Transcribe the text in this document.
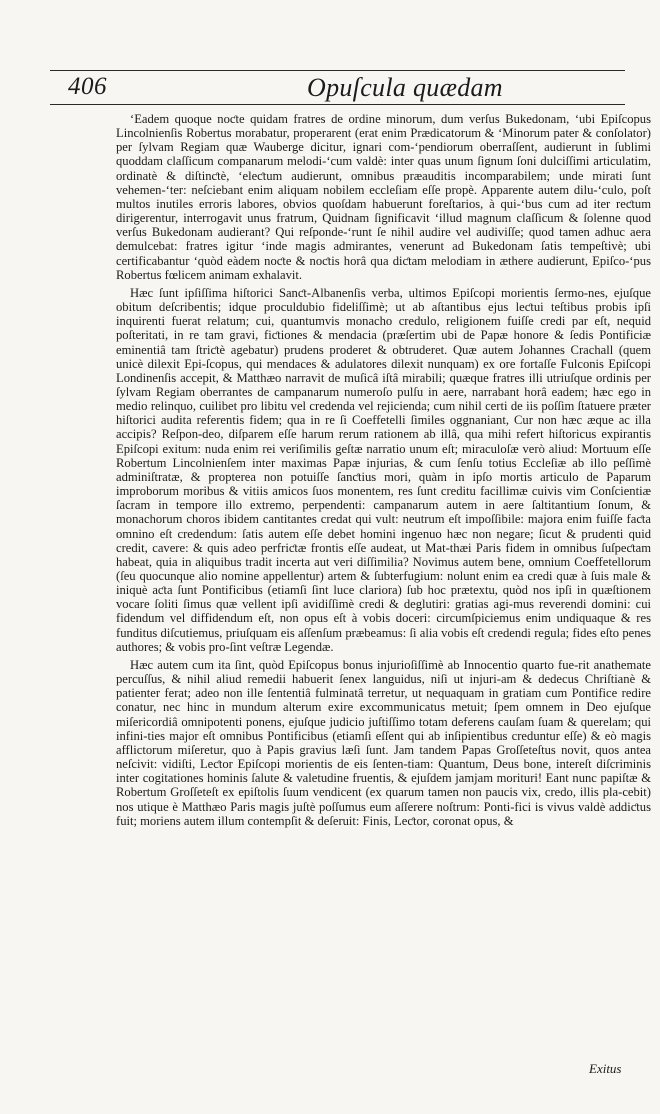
406	Opuſcula quædam

‘Eadem quoque noƈte quidam fratres de ordine minorum, dum verſus Bukedonam, ‘ubi Epiſcopus Lincolnienſis Robertus morabatur, properarent (erat enim Prædicatorum & ‘Minorum pater & conſolator) per ſylvam Regiam quæ Wauberge dicitur, ignari com-‘pendiorum oberraſſent, audierunt in ſublimi quoddam claſſicum companarum melodi-‘cum valdè: inter quas unum ſignum ſoni dulciſſimi articulatim, ordinatè & diſtinƈtè, ‘eleƈtum audierunt, omnibus præauditis incomparabilem; unde mirati ſunt vehemen-‘ter: neſciebant enim aliquam nobilem eccleſiam eſſe propè. Apparente autem dilu-‘culo, poſt multos inutiles erroris labores, obvios quoſdam habuerunt foreſtarios, à qui-‘bus cum ad iter reƈtum dirigerentur, interrogavit unus fratrum, Quidnam ſignificavit ‘illud magnum claſſicum & ſolenne quod verſus Bukedonam audierant? Qui reſponde-‘runt ſe nihil audire vel audiviſſe; quod tamen adhuc aera demulcebat: fratres igitur ‘inde magis admirantes, venerunt ad Bukedonam ſatis tempeſtivè; ubi certificabantur ‘quòd eàdem noƈte & noƈtis horâ qua diƈtam melodiam in æthere audierunt, Epiſco-‘pus Robertus fœlicem animam exhalavit.

Hæc ſunt ipſiſſima hiſtorici Sanƈt-Albanenſis verba, ultimos Epiſcopi morientis ſermo-nes, ejuſque obitum deſcribentis; idque proculdubio fideliſſimè; ut ab aſtantibus ejus leƈtui teſtibus probis ipſi inquirenti fuerat relatum; cui, quantumvis monacho credulo, religionem fuiſſe credi par eſt, nequid poſteritati, in re tam gravi, fiƈtiones & mendacia (præſertim ubi de Papæ honore & ſedis Pontificiæ eminentiâ tam ſtriƈtè agebatur) prudens proderet & obtruderet. Quæ autem Johannes Crachall (quem unicè dilexit Epi-ſcopus, qui mendaces & adulatores dilexit nunquam) ex ore fortaſſe Fulconis Epiſcopi Londinenſis accepit, & Matthæo narravit de muſicâ iſtâ mirabili; quæque fratres illi utriuſque ordinis per ſylvam Regiam oberrantes de campanarum numeroſo pulſu in aere, narrabant horâ eadem; hæc ego in medio relinquo, cuilibet pro libitu vel credenda vel rejicienda; cum nihil certi de iis poſſim ſtatuere præter hiſtorici audita referentis fidem; qua in re ſi Coeffetelli ſimiles oggnaniant, Cur non hæc æque ac illa accipis? Reſpon-deo, diſparem eſſe harum rerum rationem ab illâ, qua mihi refert hiſtoricus expirantis Epiſcopi exitum: nuda enim rei veriſimilis geſtæ narratio unum eſt; miraculoſæ verò aliud: Mortuum eſſe Robertum Lincolnienſem inter maximas Papæ injurias, & cum ſenſu totius Eccleſiæ ab illo peſſimè adminiſtratæ, & propterea non potuiſſe ſanƈtius mori, quàm in ipſo mortis articulo de Paparum improborum moribus & vitiis amicos ſuos monentem, res ſunt creditu facillimæ cuivis vim Conſcientiæ ſacram in tempore illo extremo, perpendenti: campanarum autem in aere ſaltitantium ſonum, & monachorum choros ibidem cantitantes credat qui vult: neutrum eſt impoſſibile: majora enim fuiſſe faƈta omnino eſt credendum: ſatis autem eſſe debet homini ingenuo hæc non negare; ſicut & prudenti quid credit, cavere: & quis adeo perfriƈtæ frontis eſſe audeat, ut Mat-thæi Paris fidem in omnibus ſuſpeƈtam habeat, quia in aliquibus tradit incerta aut veri diſſimilia? Novimus autem bene, omnium Coeffetellorum (ſeu quocunque alio nomine appellentur) artem & ſubterfugium: nolunt enim ea credi quæ à ſuis male & iniquè aƈta ſunt Pontificibus (etiamſi ſint luce clariora) ſub hoc prætextu, quòd nos ipſi in quæſtionem vocare ſoliti ſimus quæ vellent ipſi avidiſſimè credi & deglutiri: gratias agi-mus reverendi domini: cui fidendum vel diffidendum eſt, non opus eſt à vobis doceri: circumſpiciemus enim undiquaque & res funditus diſcutiemus, priuſquam eis aſſenſum præbeamus: ſi alia vobis eſt credendi regula; fides eſto penes authores; & vobis pro-ſint veſtræ Legendæ.

Hæc autem cum ita ſint, quòd Epiſcopus bonus injurioſiſſimè ab Innocentio quarto fue-rit anathemate percuſſus, & nihil aliud remedii habuerit ſenex languidus, niſi ut injuri-am & dedecus Chriſtianè & patienter ferat; adeo non ille ſententiâ fulminatâ terretur, ut nequaquam in gratiam cum Pontifice redire conatur, nec hinc in mundum alterum exire excommunicatus metuit; ſpem omnem in Deo ejuſque miſericordiâ omnipotenti ponens, ejuſque judicio juſtiſſimo totam deferens cauſam ſuam & querelam; qui infini-ties major eſt omnibus Pontificibus (etiamſi eſſent qui ab inſipientibus creduntur eſſe) & eò magis afflictorum miſeretur, quo à Papis gravius læſi ſunt. Jam tandem Papas Groſſeteſtus novit, quos antea neſcivit: vidiſti, Leƈtor Epiſcopi morientis de eis ſenten-tiam: Quantum, Deus bone, intereſt diſcriminis inter cogitationes hominis ſalute & valetudine fruentis, & ejuſdem jamjam morituri! Eant nunc papiſtæ & Robertum Groſſeteſt ex epiſtolis ſuum vendicent (ex quarum tamen non paucis vix, credo, illis pla-cebit) nos utique è Matthæo Paris magis juſtè poſſumus eum aſſerere noſtrum: Ponti-fici is vivus valdè addiƈtus fuit; moriens autem illum contempſit & deſeruit: Finis, Leƈtor, coronat opus, &

Exitus
